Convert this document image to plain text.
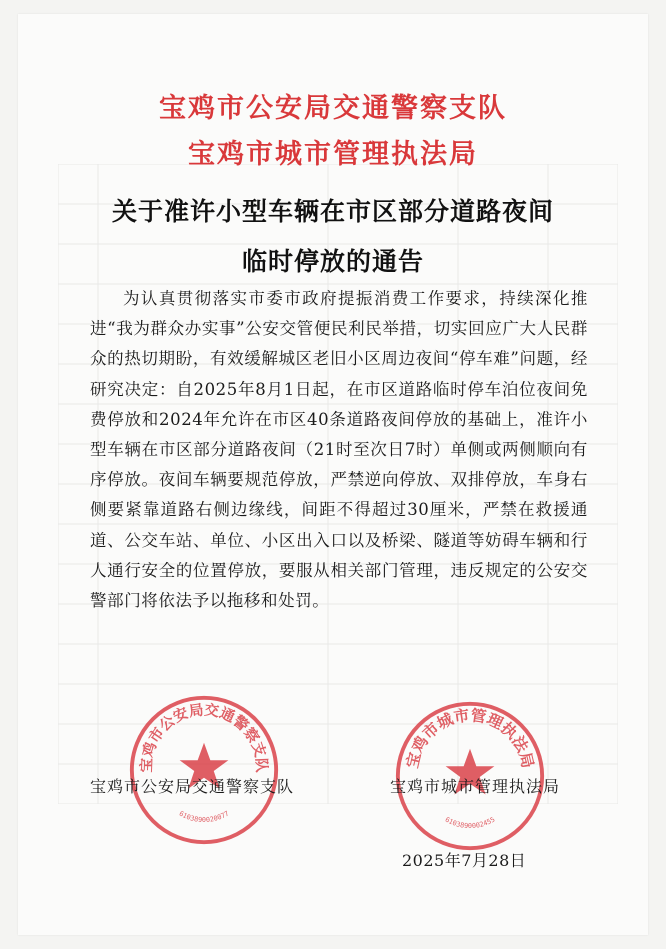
宝鸡市公安局交通警察支队
宝鸡市城市管理执法局
关于准许小型车辆在市区部分道路夜间
临时停放的通告
为认真贯彻落实市委市政府提振消费工作要求，持续深化推进“我为群众办实事”公安交管便民利民举措，切实回应广大人民群众的热切期盼，有效缓解城区老旧小区周边夜间“停车难”问题，经研究决定：自2025年8月1日起，在市区道路临时停车泊位夜间免费停放和2024年允许在市区40条道路夜间停放的基础上，准许小型车辆在市区部分道路夜间（21时至次日7时）单侧或两侧顺向有序停放。夜间车辆要规范停放，严禁逆向停放、双排停放，车身右侧要紧靠道路右侧边缘线，间距不得超过30厘米，严禁在救援通道、公交车站、单位、小区出入口以及桥梁、隧道等妨碍车辆和行人通行安全的位置停放，要服从相关部门管理，违反规定的公安交警部门将依法予以拖移和处罚。
宝鸡市公安局交通警察支队
6103890020077
宝鸡市城市管理执法局
6103890002455
宝鸡市公安局交通警察支队	宝鸡市城市管理执法局
2025年7月28日
